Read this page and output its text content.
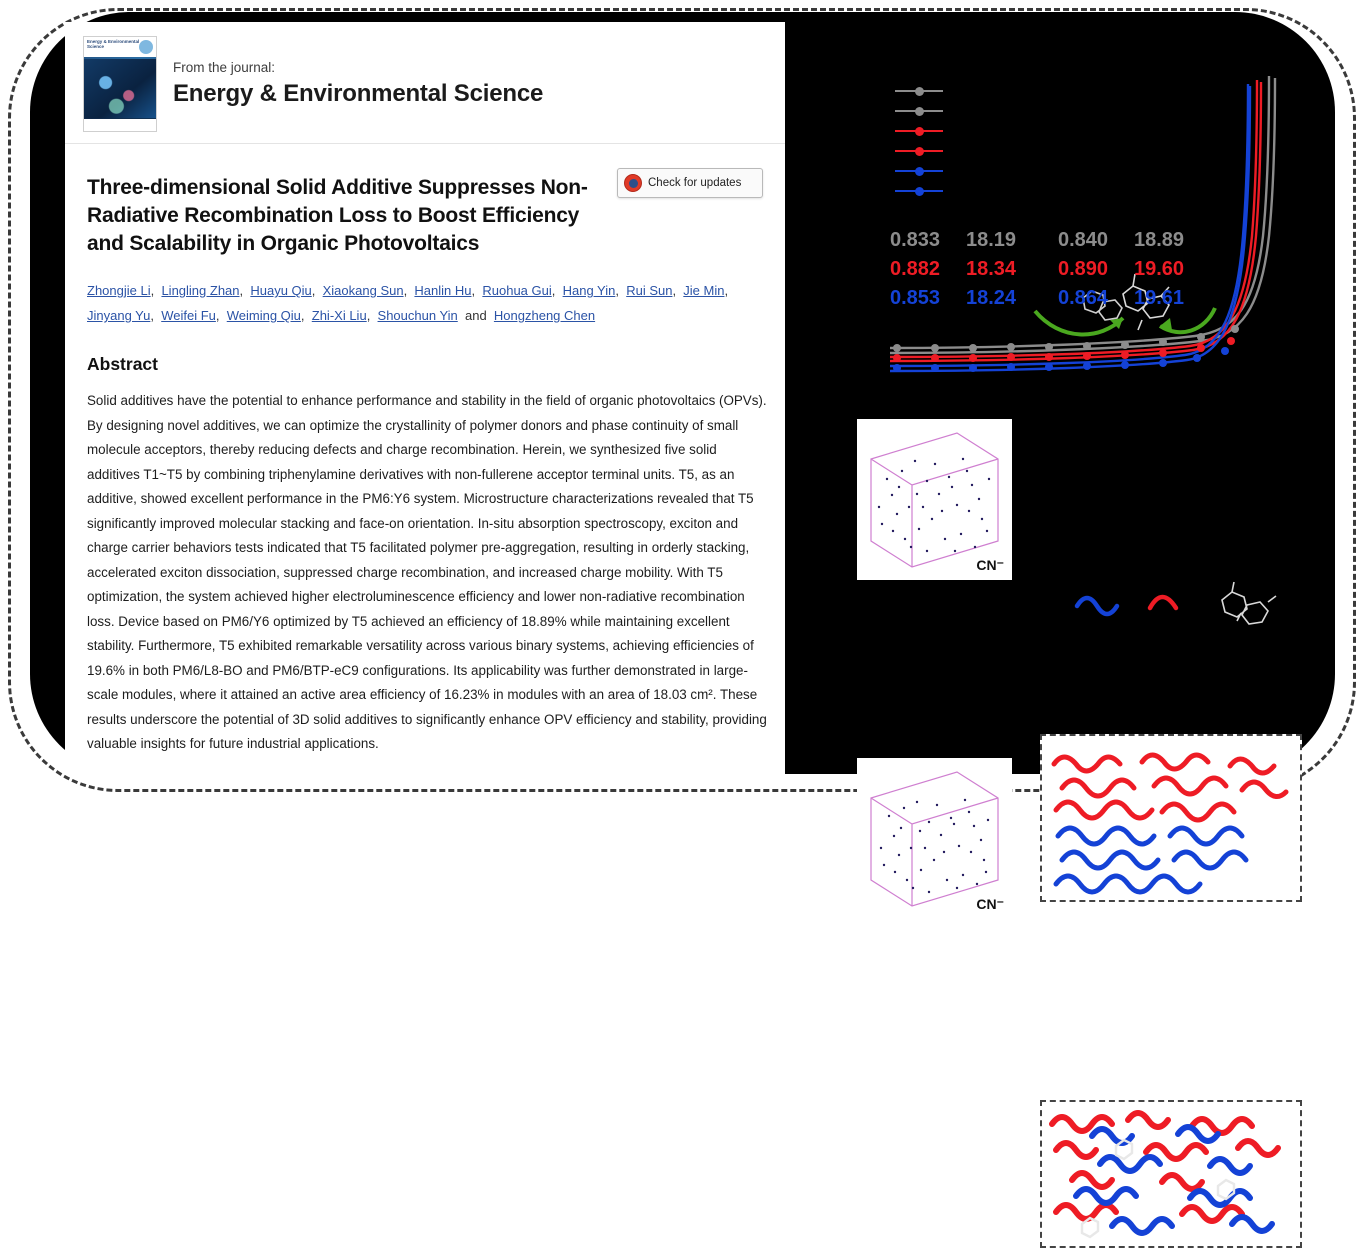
Energy & Environmental Science
From the journal:
Energy & Environmental Science
Check for updates
Three-dimensional Solid Additive Suppresses Non-Radiative Recombination Loss to Boost Efficiency and Scalability in Organic Photovoltaics
Zhongjie Li,  Lingling Zhan,  Huayu Qiu,  Xiaokang Sun,  Hanlin Hu,  Ruohua Gui,  Hang Yin,  Rui Sun,  Jie Min,  Jinyang Yu,  Weifei Fu,  Weiming Qiu,  Zhi-Xi Liu,  Shouchun Yin  and  Hongzheng Chen
Abstract
Solid additives have the potential to enhance performance and stability in the field of organic photovoltaics (OPVs). By designing novel additives, we can optimize the crystallinity of polymer donors and phase continuity of small molecule acceptors, thereby reducing defects and charge recombination. Herein, we synthesized five solid additives T1~T5 by combining triphenylamine derivatives with non-fullerene acceptor terminal units. T5, as an additive, showed excellent performance in the PM6:Y6 system. Microstructure characterizations revealed that T5 significantly improved molecular stacking and face-on orientation. In-situ absorption spectroscopy, exciton and charge carrier behaviors tests indicated that T5 facilitated polymer pre-aggregation, resulting in orderly stacking, accelerated exciton dissociation, suppressed charge recombination, and increased charge mobility. With T5 optimization, the system achieved higher electroluminescence efficiency and lower non-radiative recombination loss. Device based on PM6/Y6 optimized by T5 achieved an efficiency of 18.89% while maintaining excellent stability. Furthermore, T5 exhibited remarkable versatility across various binary systems, achieving efficiencies of 19.6% in both PM6/L8-BO and PM6/BTP-eC9 configurations. Its applicability was further demonstrated in large-scale modules, where it attained an active area efficiency of 16.23% in modules with an area of 18.03 cm². These results underscore the potential of 3D solid additives to significantly enhance OPV efficiency and stability, providing valuable insights for future industrial applications.
0.833	18.19	0.840	18.89
0.882	18.34	0.890	19.60
0.853	18.24	0.864	19.61
CN⁻
CN⁻
